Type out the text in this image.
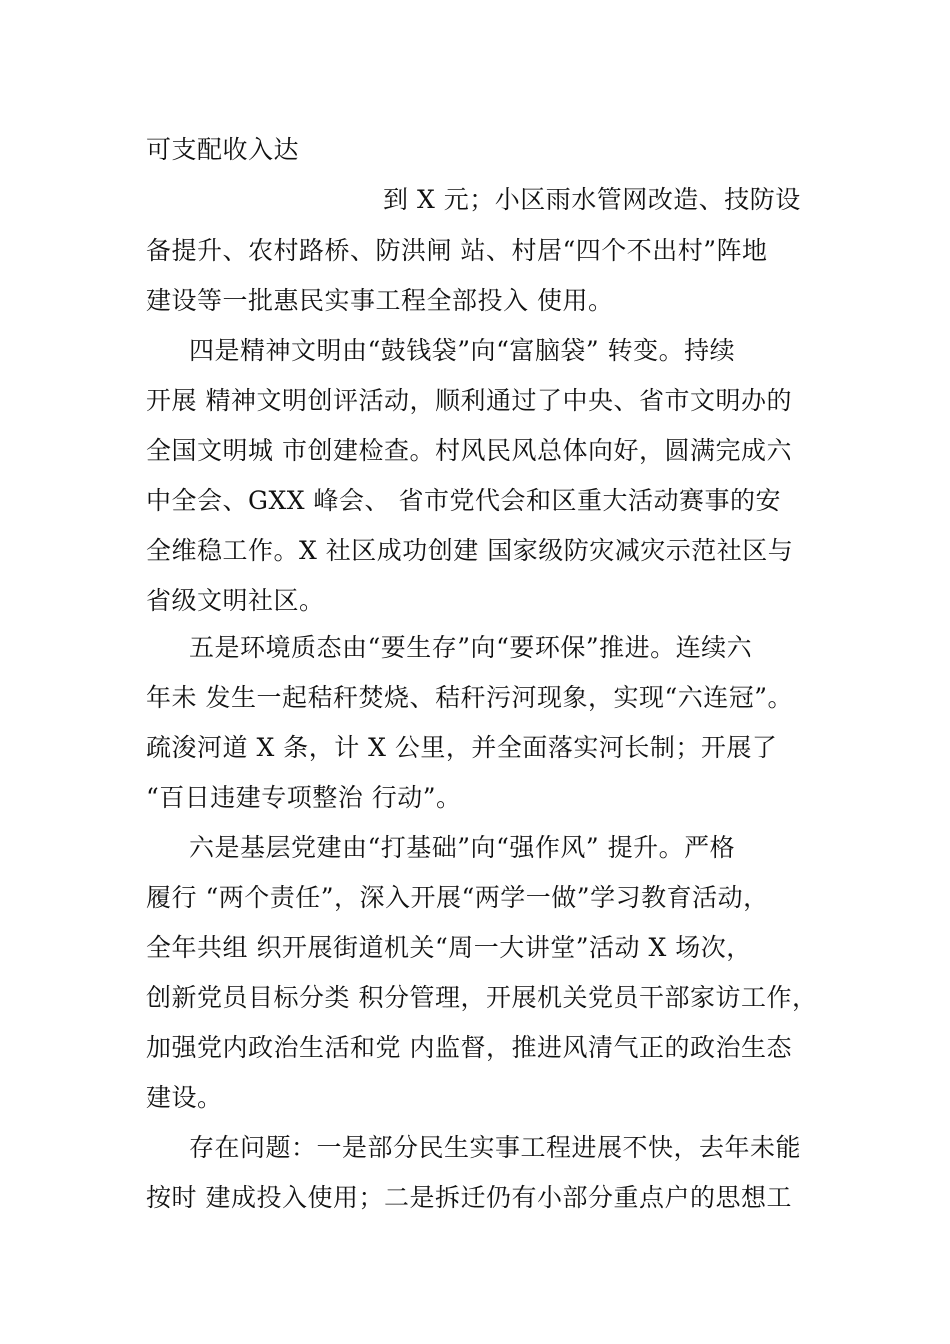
可支配收入达
到 X 元；小区雨水管网改造、技防设
备提升、农村路桥、防洪闸 站、村居“四个不出村”阵地
建设等一批惠民实事工程全部投入 使用。
四是精神文明由“鼓钱袋”向“富脑袋” 转变。持续
开展 精神文明创评活动，顺利通过了中央、省市文明办的
全国文明城 市创建检查。村风民风总体向好，圆满完成六
中全会、GXX 峰会、 省市党代会和区重大活动赛事的安
全维稳工作。X 社区成功创建 国家级防灾减灾示范社区与
省级文明社区。
五是环境质态由“要生存”向“要环保”推进。连续六
年未 发生一起秸秆焚烧、秸秆污河现象，实现“六连冠”。
疏浚河道 X 条，计 X 公里，并全面落实河长制；开展了
“百日违建专项整治 行动”。
六是基层党建由“打基础”向“强作风” 提升。严格
履行 “两个责任”，深入开展“两学一做”学习教育活动，
全年共组 织开展街道机关“周一大讲堂”活动 X 场次，
创新党员目标分类 积分管理，开展机关党员干部家访工作，
加强党内政治生活和党 内监督，推进风清气正的政治生态
建设。
存在问题：一是部分民生实事工程进展不快，去年未能
按时 建成投入使用；二是拆迁仍有小部分重点户的思想工
